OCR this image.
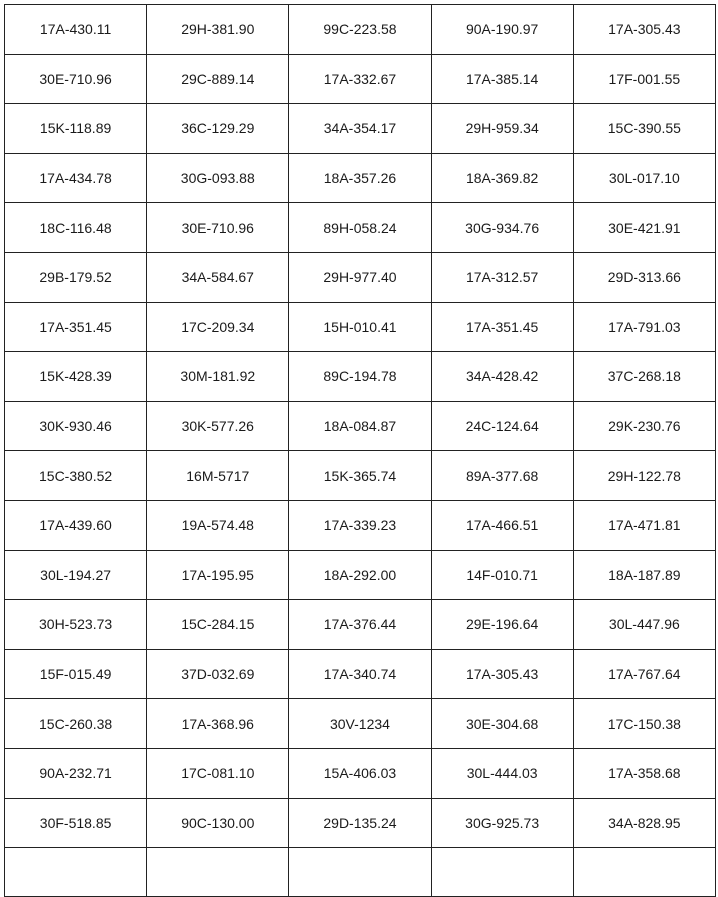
17A-430.11	29H-381.90	99C-223.58	90A-190.97	17A-305.43
30E-710.96	29C-889.14	17A-332.67	17A-385.14	17F-001.55
15K-118.89	36C-129.29	34A-354.17	29H-959.34	15C-390.55
17A-434.78	30G-093.88	18A-357.26	18A-369.82	30L-017.10
18C-116.48	30E-710.96	89H-058.24	30G-934.76	30E-421.91
29B-179.52	34A-584.67	29H-977.40	17A-312.57	29D-313.66
17A-351.45	17C-209.34	15H-010.41	17A-351.45	17A-791.03
15K-428.39	30M-181.92	89C-194.78	34A-428.42	37C-268.18
30K-930.46	30K-577.26	18A-084.87	24C-124.64	29K-230.76
15C-380.52	16M-5717	15K-365.74	89A-377.68	29H-122.78
17A-439.60	19A-574.48	17A-339.23	17A-466.51	17A-471.81
30L-194.27	17A-195.95	18A-292.00	14F-010.71	18A-187.89
30H-523.73	15C-284.15	17A-376.44	29E-196.64	30L-447.96
15F-015.49	37D-032.69	17A-340.74	17A-305.43	17A-767.64
15C-260.38	17A-368.96	30V-1234	30E-304.68	17C-150.38
90A-232.71	17C-081.10	15A-406.03	30L-444.03	17A-358.68
30F-518.85	90C-130.00	29D-135.24	30G-925.73	34A-828.95
